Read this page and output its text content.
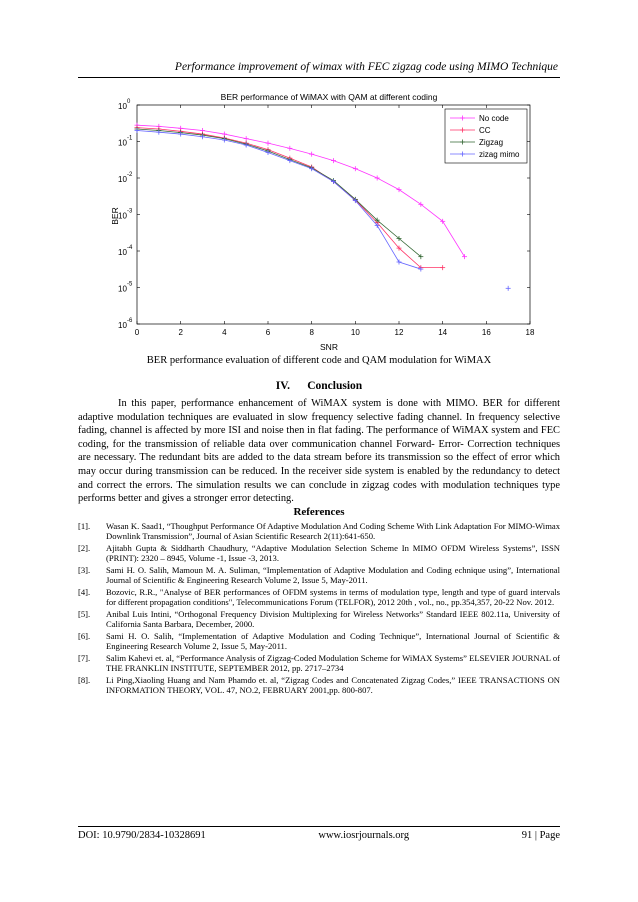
Performance improvement of wimax with FEC zigzag code using MIMO Technique
BER performance of WiMAX with QAM at different coding
BER
SNR
0	2	4	6	8	10	12	14	16	18
10 0
10 -1
10 -2
10 -3
10 -4
10 -5
10 -6
No code
CC
Zigzag
zizag mimo
BER performance evaluation of different code and QAM modulation for WiMAX
IV.      Conclusion

In this paper, performance enhancement of WiMAX system is done with MIMO. BER for different adaptive modulation techniques are evaluated in slow frequency selective fading channel. In frequency selective fading, channel is affected by more ISI and noise then in flat fading. The performance of WiMAX system and FEC coding, for the transmission of reliable data over communication channel Forward- Error- Correction techniques are necessary. The redundant bits are added to the data stream before its transmission so the effect of error which may occur during transmission can be reduced. In the receiver side system is enabled by the redundancy to detect and correct the errors. The simulation results we can conclude in zigzag codes with modulation techniques type performs better and gives a stronger error detecting.

References
[1].	Wasan K. Saad1, “Thoughput Performance Of Adaptive Modulation And Coding Scheme With Link Adaptation For MIMO-Wimax Downlink Transmission”, Journal of Asian Scientific Research 2(11):641-650.
[2].	Ajitabh Gupta & Siddharth Chaudhury, “Adaptive Modulation Selection Scheme In MIMO OFDM Wireless Systems”, ISSN (PRINT): 2320 – 8945, Volume -1, Issue -3, 2013.
[3].	Sami H. O. Salih, Mamoun M. A. Suliman, “Implementation of Adaptive Modulation and Coding echnique using”, International Journal of Scientific & Engineering Research Volume 2, Issue 5, May-2011.
[4].	Bozovic, R.R., "Analyse of BER performances of OFDM systems in terms of modulation type, length and type of guard intervals for different propagation conditions", Telecommunications Forum (TELFOR), 2012 20th , vol., no., pp.354,357, 20-22 Nov. 2012.
[5].	Anibal Luis Intini, “Orthogonal Frequency Division Multiplexing for Wireless Networks” Standard IEEE 802.11a, University of California Santa Barbara, December, 2000.
[6].	Sami H. O. Salih, “Implementation of Adaptive Modulation and Coding Technique”, International Journal of Scientific & Engineering Research Volume 2, Issue 5, May-2011.
[7].	Salim Kahevi et. al, “Performance Analysis of Zigzag-Coded Modulation Scheme for WiMAX Systems” ELSEVIER JOURNAL of THE FRANKLIN INSTITUTE, SEPTEMBER 2012, pp. 2717–2734
[8].	Li Ping,Xiaoling Huang and Nam Phamdo et. al, “Zigzag Codes and Concatenated Zigzag Codes,” IEEE TRANSACTIONS ON INFORMATION THEORY, VOL. 47, NO.2, FEBRUARY 2001,pp. 800-807.
DOI: 10.9790/2834-10328691	www.iosrjournals.org	91 | Page
